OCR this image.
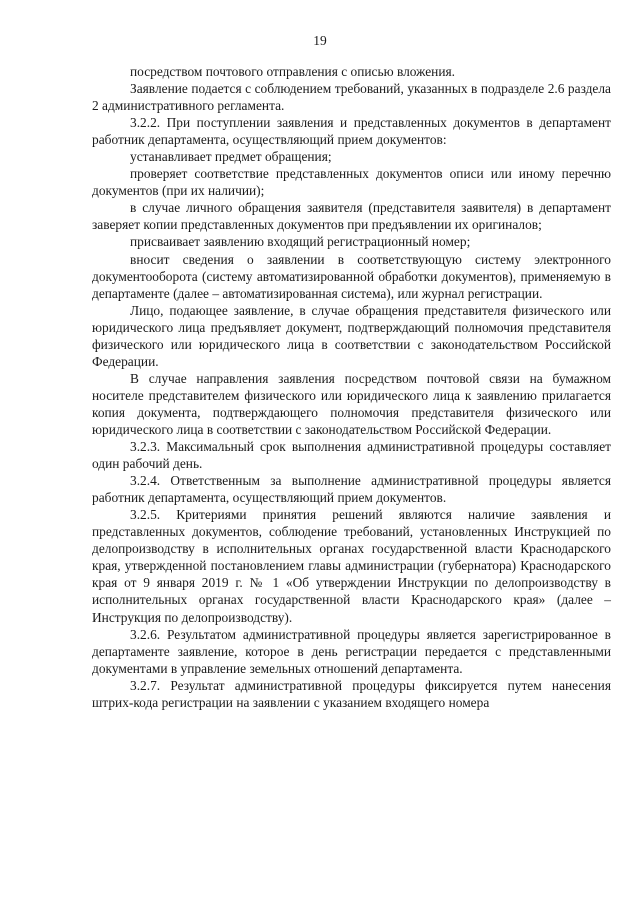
19

посредством почтового отправления с описью вложения.

Заявление подается с соблюдением требований, указанных в подразделе 2.6 раздела 2 административного регламента.

3.2.2. При поступлении заявления и представленных документов в департамент работник департамента, осуществляющий прием документов:

устанавливает предмет обращения;

проверяет соответствие представленных документов описи или иному перечню документов (при их наличии);

в случае личного обращения заявителя (представителя заявителя) в департамент заверяет копии представленных документов при предъявлении их оригиналов;

присваивает заявлению входящий регистрационный номер;

вносит сведения о заявлении в соответствующую систему электронного документооборота (систему автоматизированной обработки документов), применяемую в департаменте (далее – автоматизированная система), или журнал регистрации.

Лицо, подающее заявление, в случае обращения представителя физического или юридического лица предъявляет документ, подтверждающий полномочия представителя физического или юридического лица в соответствии с законодательством Российской Федерации.

В случае направления заявления посредством почтовой связи на бумажном носителе представителем физического или юридического лица к заявлению прилагается копия документа, подтверждающего полномочия представителя физического или юридического лица в соответствии с законодательством Российской Федерации.

3.2.3. Максимальный срок выполнения административной процедуры составляет один рабочий день.

3.2.4. Ответственным за выполнение административной процедуры является работник департамента, осуществляющий прием документов.

3.2.5. Критериями принятия решений являются наличие заявления и представленных документов, соблюдение требований, установленных Инструкцией по делопроизводству в исполнительных органах государственной власти Краснодарского края, утвержденной постановлением главы администрации (губернатора) Краснодарского края от 9 января 2019 г. № 1 «Об утверждении Инструкции по делопроизводству в исполнительных органах государственной власти Краснодарского края» (далее – Инструкция по делопроизводству).

3.2.6. Результатом административной процедуры является зарегистрированное в департаменте заявление, которое в день регистрации передается с представленными документами в управление земельных отношений департамента.

3.2.7. Результат административной процедуры фиксируется путем нанесения штрих-кода регистрации на заявлении с указанием входящего номера
